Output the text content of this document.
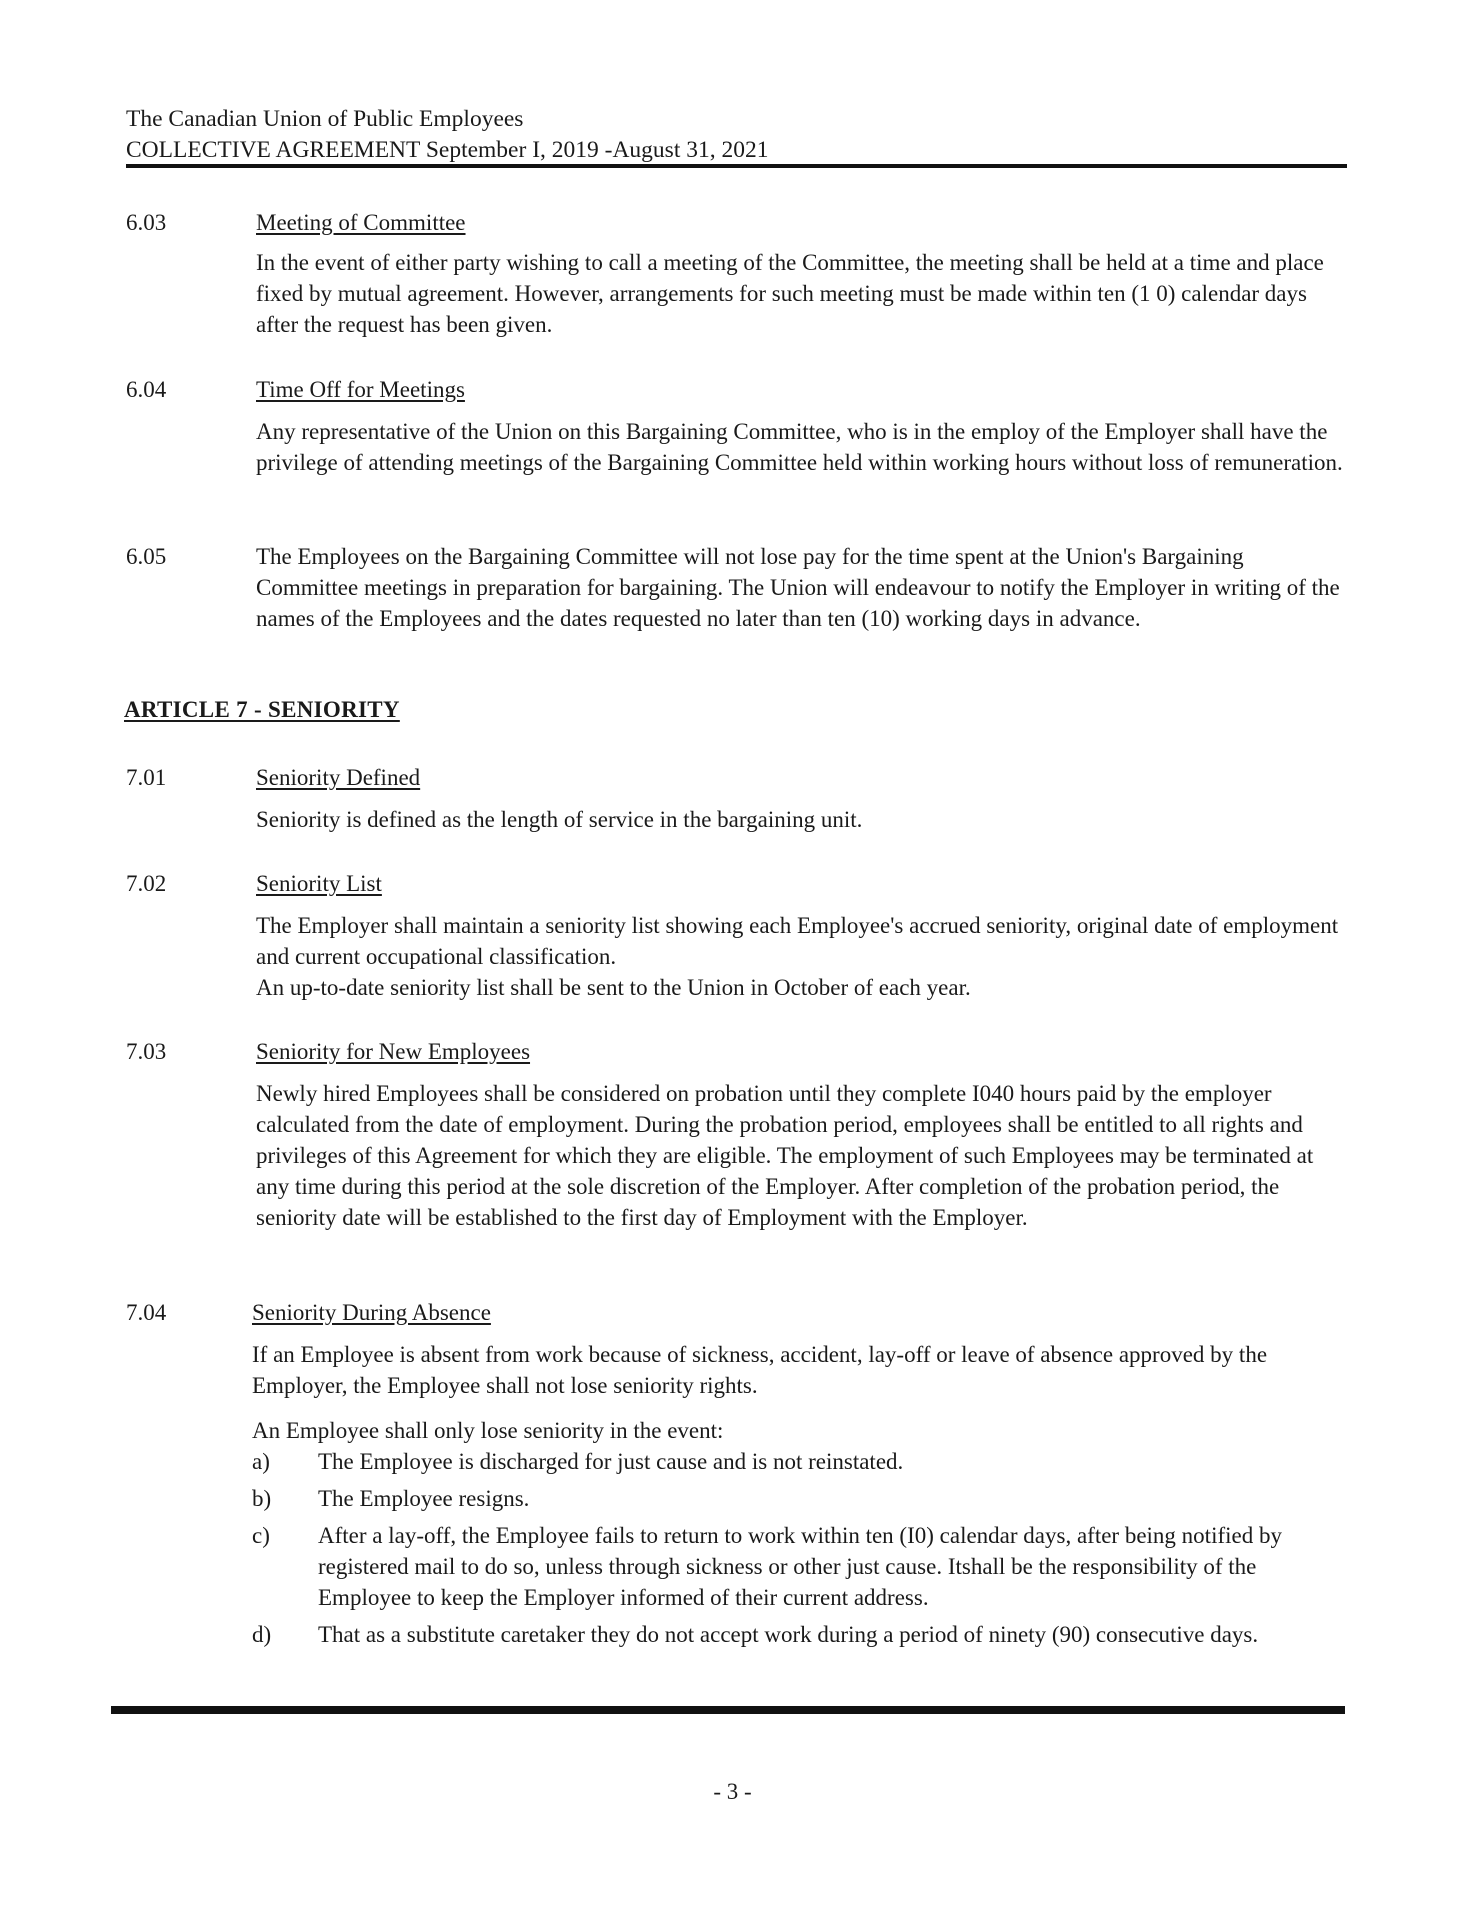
The Canadian Union of Public Employees
COLLECTIVE AGREEMENT September I, 2019 -August 31, 2021
6.03	Meeting of Committee

In the event of either party wishing to call a meeting of the Committee, the meeting shall be held at a time and place fixed by mutual agreement. However, arrangements for such meeting must be made within ten (1 0) calendar days after the request has been given.

6.04	Time Off for Meetings

Any representative of the Union on this Bargaining Committee, who is in the employ of the Employer shall have the privilege of attending meetings of the Bargaining Committee held within working hours without loss of remuneration.

6.05	The Employees on the Bargaining Committee will not lose pay for the time spent at the Union's Bargaining Committee meetings in preparation for bargaining. The Union will endeavour to notify the Employer in writing of the names of the Employees and the dates requested no later than ten (10) working days in advance.

ARTICLE 7 - SENIORITY
7.01	Seniority Defined

Seniority is defined as the length of service in the bargaining unit.

7.02	Seniority List

The Employer shall maintain a seniority list showing each Employee's accrued seniority, original date of employment and current occupational classification.

An up-to-date seniority list shall be sent to the Union in October of each year.

7.03	Seniority for New Employees

Newly hired Employees shall be considered on probation until they complete I040 hours paid by the employer calculated from the date of employment. During the probation period, employees shall be entitled to all rights and privileges of this Agreement for which they are eligible. The employment of such Employees may be terminated at any time during this period at the sole discretion of the Employer. After completion of the probation period, the seniority date will be established to the first day of Employment with the Employer.

7.04	Seniority During Absence

If an Employee is absent from work because of sickness, accident, lay-off or leave of absence approved by the Employer, the Employee shall not lose seniority rights.

An Employee shall only lose seniority in the event:

a) The Employee is discharged for just cause and is not reinstated.
b) The Employee resigns.
c) After a lay-off, the Employee fails to return to work within ten (I0) calendar days, after being notified by registered mail to do so, unless through sickness or other just cause. Itshall be the responsibility of the Employee to keep the Employer informed of their current address.
d) That as a substitute caretaker they do not accept work during a period of ninety (90) consecutive days.
- 3 -
